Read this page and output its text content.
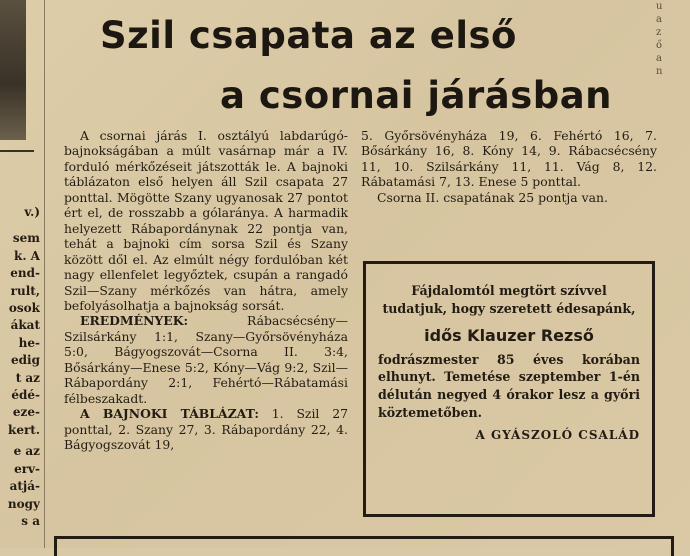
v.)
sem
k. A
end-
rult,
osok
ákat
he-
edig
t az
édé-
eze-
kert.
e az
erv-
atjá-
nogy
s a
u
a
z
ő
a
n
Szil csapata az első
a csornai járásban

A csornai járás I. osztályú labdarúgó-bajnokságában a múlt vasárnap már a IV. forduló mérkőzéseit játszották le. A bajnoki táblázaton első helyen áll Szil csapata 27 ponttal. Mögötte Szany ugyanosak 27 pontot ért el, de rosszabb a gólaránya. A harmadik helyezett Rábapordánynak 22 pontja van, tehát a bajnoki cím sorsa Szil és Szany között dől el. Az elmúlt négy fordulóban két nagy ellenfelet legyőztek, csupán a rangadó Szil—Szany mérkőzés van hátra, amely befolyásolhatja a bajnokság sorsát.

EREDMÉNYEK:	Rábacsécsény—Szilsárkány 1:1, Szany—Győrsövényháza 5:0, Bágyogszovát—Csorna II. 3:4, Bősárkány—Enese 5:2, Kóny—Vág 9:2, Szil—Rábapordány 2:1, Fehértó—Rábatamási félbeszakadt.

A BAJNOKI TÁBLÁZAT: 1. Szil 27 ponttal, 2. Szany 27, 3. Rábapordány 22, 4. Bágyogszovát 19,

5. Győrsövényháza 19, 6. Fehértó 16, 7. Bősárkány 16, 8. Kóny 14, 9. Rábacsécsény 11, 10. Szilsárkány 11, 11. Vág 8, 12. Rábatamási 7, 13. Enese 5 ponttal.

Csorna II. csapatának 25 pontja van.

Fájdalomtól megtört szívvel tudatjuk, hogy szeretett édesapánk,

idős Klauzer Rezső

fodrászmester 85 éves korában elhunyt. Temetése szeptember 1-én délután negyed 4 órakor lesz a győri köztemetőben.

A GYÁSZOLÓ CSALÁD
